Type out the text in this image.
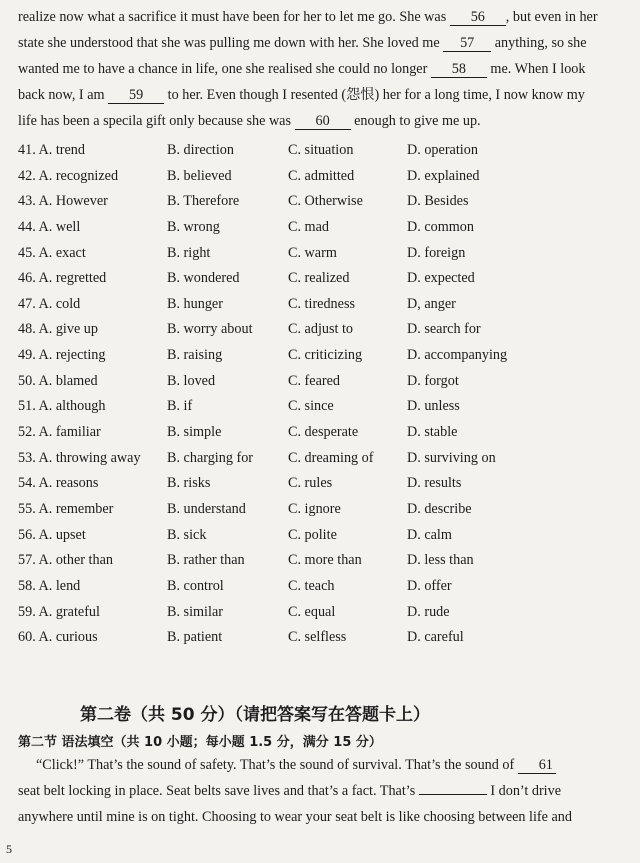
realize now what a sacrifice it must have been for her to let me go. She was 56 , but even in her
state she understood that she was pulling me down with her. She loved me 57 anything, so she
wanted me to have a chance in life, one she realised she could no longer 58 me. When I look
back now, I am 59 to her. Even though I resented (怨恨) her for a long time, I now know my
life has been a specila gift only because she was 60 enough to give me up.
41. A. trend	B. direction	C. situation	D. operation
42. A. recognized	B. believed	C. admitted	D. explained
43. A. However	B. Therefore	C. Otherwise	D. Besides
44. A. well	B. wrong	C. mad	D. common
45. A. exact	B. right	C. warm	D. foreign
46. A. regretted	B. wondered	C. realized	D. expected
47. A. cold	B. hunger	C. tiredness	D, anger
48. A. give up	B. worry about C. adjust to	D. search for
49. A. rejecting	B. raising	C. criticizing	D. accompanying
50. A. blamed	B. loved	C. feared	D. forgot
51. A. although	B. if	C. since	D. unless
52. A. familiar	B. simple	C. desperate	D. stable
53. A. throwing away B. charging for C. dreaming of D. surviving on
54. A. reasons	B. risks	C. rules	D. results
55. A. remember	B. understand	C. ignore	D. describe
56. A. upset	B. sick	C. polite	D. calm
57. A. other than	B. rather than	C. more than	D. less than
58. A. lend	B. control	C. teach	D. offer
59. A. grateful	B. similar	C. equal	D. rude
60. A. curious	B. patient	C. selfless	D. careful
第二卷（共 50 分）（请把答案写在答题卡上）
第二节 语法填空（共 10 小题；每小题 1.5 分，满分 15 分）
“Click!” That’s the sound of safety. That’s the sound of survival. That’s the sound of 61
seat belt locking in place. Seat belts save lives and that’s a fact. That’s	I don’t drive
anywhere until mine is on tight. Choosing to wear your seat belt is like choosing between life and
5
